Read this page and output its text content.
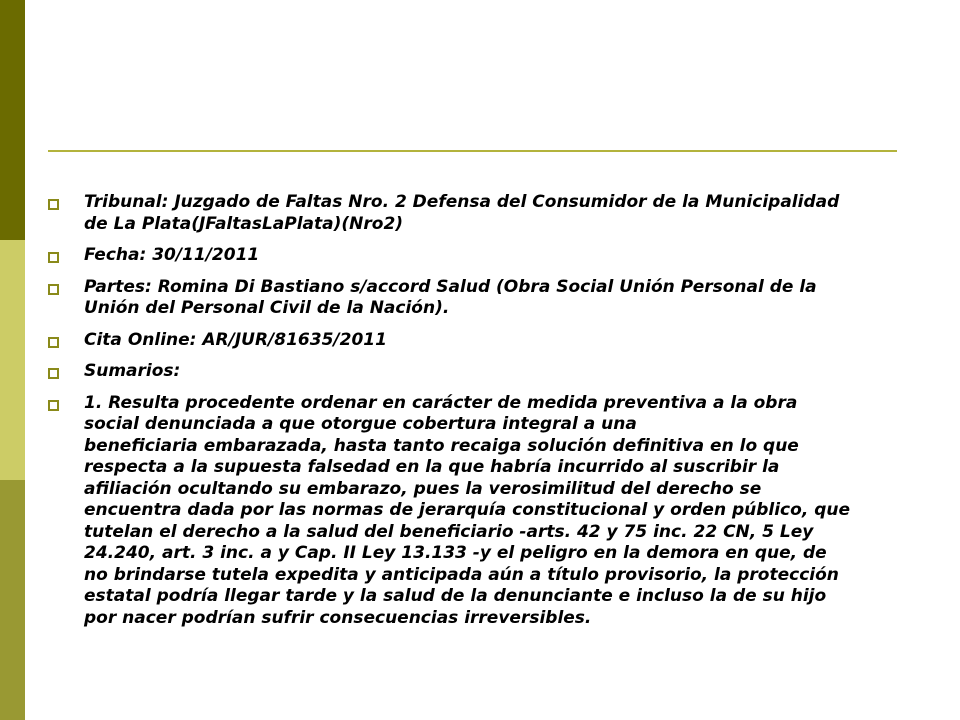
Tribunal: Juzgado de Faltas Nro. 2 Defensa del Consumidor de la Municipalidad
de La Plata(JFaltasLaPlata)(Nro2)
Fecha: 30/11/2011
Partes: Romina Di Bastiano s/accord Salud (Obra Social Unión Personal de la
Unión del Personal Civil de la Nación).
Cita Online: AR/JUR/81635/2011
Sumarios:
1. Resulta procedente ordenar en carácter de medida preventiva a la obra
social denunciada a que otorgue cobertura integral a una
beneficiaria embarazada, hasta tanto recaiga solución definitiva en lo que
respecta a la supuesta falsedad en la que habría incurrido al suscribir la
afiliación ocultando su embarazo, pues la verosimilitud del derecho se
encuentra dada por las normas de jerarquía constitucional y orden público, que
tutelan el derecho a la salud del beneficiario -arts. 42 y 75 inc. 22 CN, 5 Ley
24.240, art. 3 inc. a y Cap. II Ley 13.133 -y el peligro en la demora en que, de
no brindarse tutela expedita y anticipada aún a título provisorio, la protección
estatal podría llegar tarde y la salud de la denunciante e incluso la de su hijo
por nacer podrían sufrir consecuencias irreversibles.
